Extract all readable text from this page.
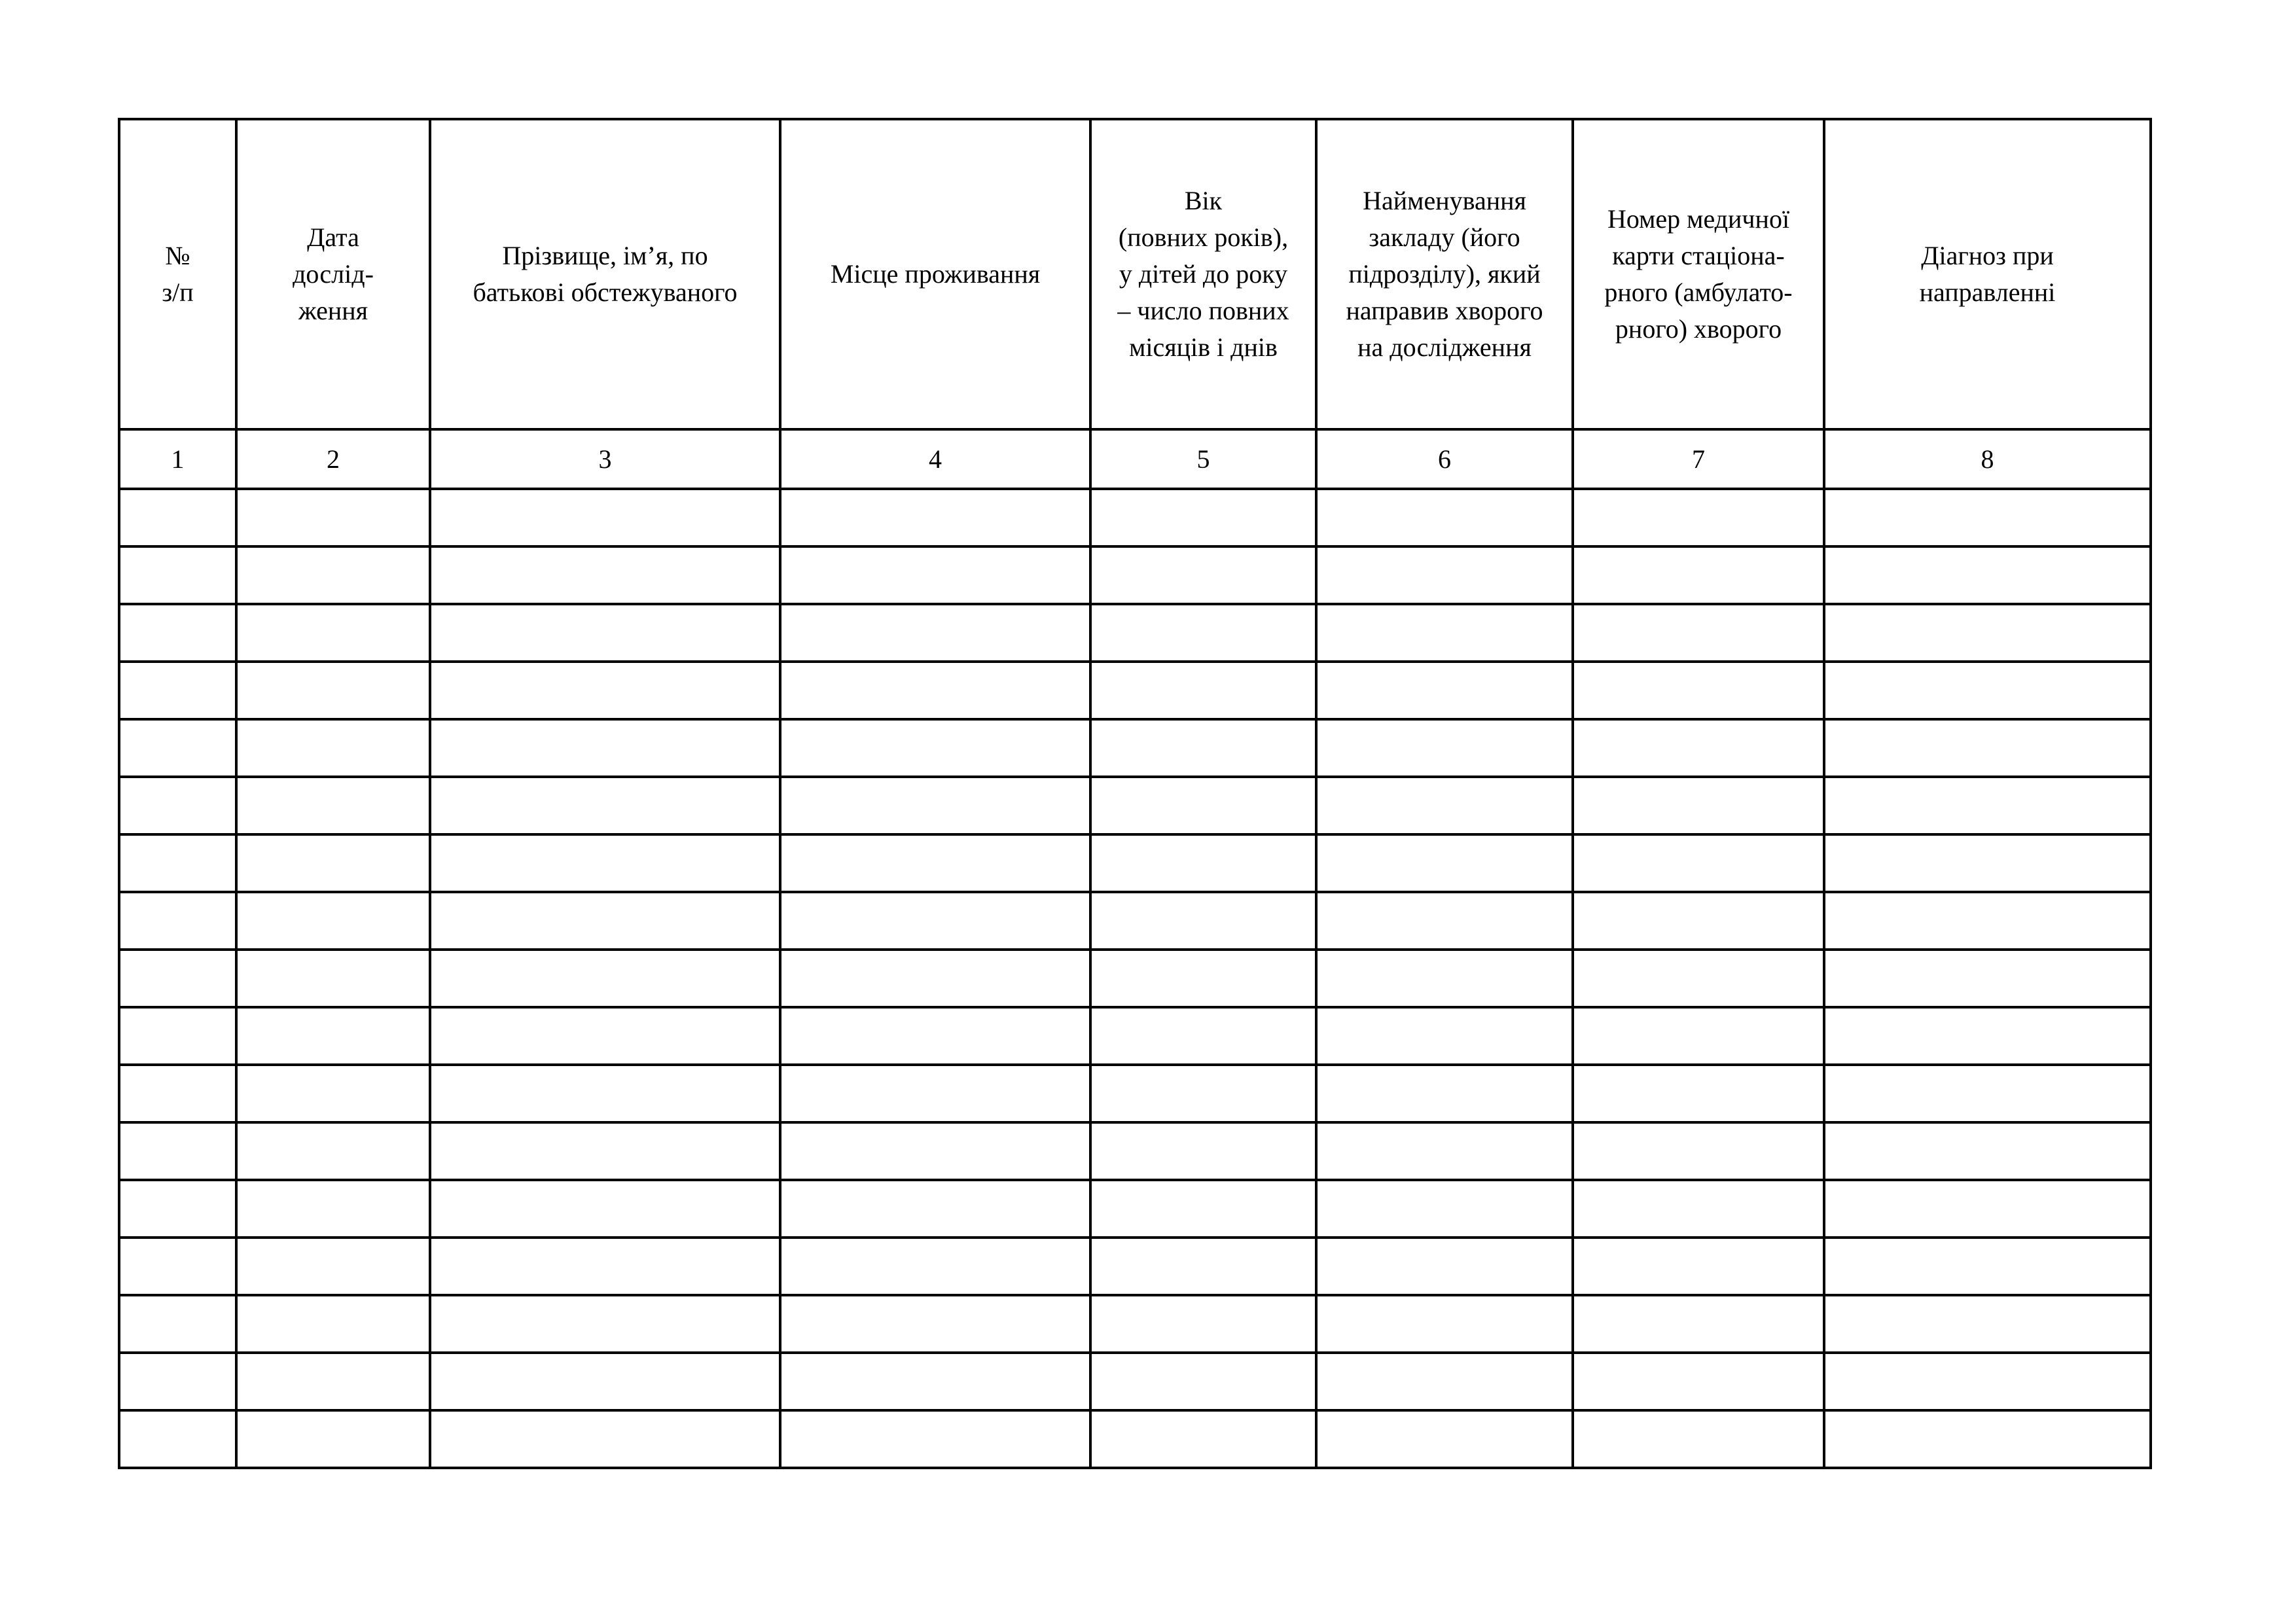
№
з/п	Дата
дослід-
ження	Прізвище, ім’я, по
батькові обстежуваного	Місце проживання	Вік
(повних років),
у дітей до року
– число повних
місяців і днів	Найменування
закладу (його
підрозділу), який
направив хворого
на дослідження	Номер медичної
карти стаціона-
рного (амбулато-
рного) хворого	Діагноз при
направленні

1	2	3	4	5	6	7	8
